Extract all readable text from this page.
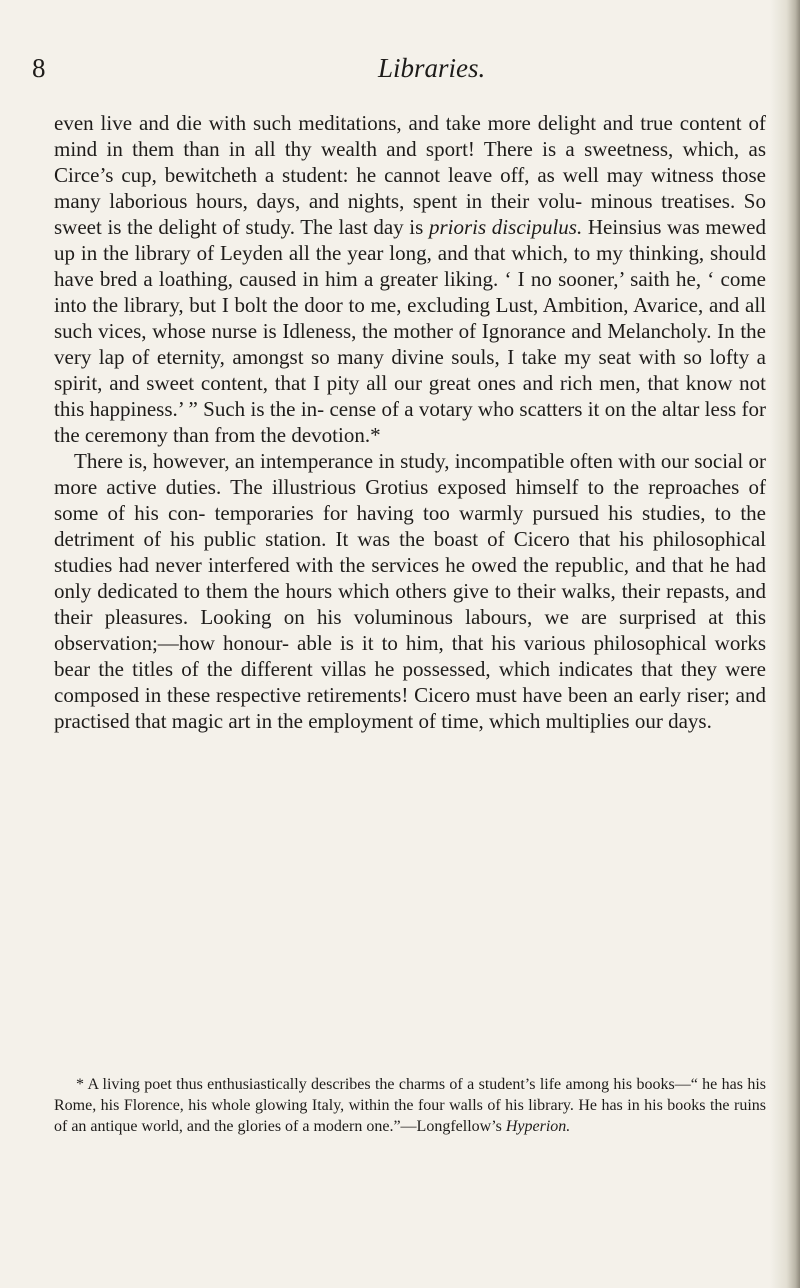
8	Libraries.

even live and die with such meditations, and take more delight and true content of mind in them than in all thy wealth and sport! There is a sweetness, which, as Circe’s cup, bewitcheth a student: he cannot leave off, as well may witness those many laborious hours, days, and nights, spent in their volu- minous treatises. So sweet is the delight of study. The last day is prioris discipulus. Heinsius was mewed up in the library of Leyden all the year long, and that which, to my thinking, should have bred a loathing, caused in him a greater liking. ‘ I no sooner,’ saith he, ‘ come into the library, but I bolt the door to me, excluding Lust, Ambition, Avarice, and all such vices, whose nurse is Idleness, the mother of Ignorance and Melancholy. In the very lap of eternity, amongst so many divine souls, I take my seat with so lofty a spirit, and sweet content, that I pity all our great ones and rich men, that know not this happiness.’ ” Such is the in- cense of a votary who scatters it on the altar less for the ceremony than from the devotion.*

There is, however, an intemperance in study, incompatible often with our social or more active duties. The illustrious Grotius exposed himself to the reproaches of some of his con- temporaries for having too warmly pursued his studies, to the detriment of his public station. It was the boast of Cicero that his philosophical studies had never interfered with the services he owed the republic, and that he had only dedicated to them the hours which others give to their walks, their repasts, and their pleasures. Looking on his voluminous labours, we are surprised at this observation;—how honour- able is it to him, that his various philosophical works bear the titles of the different villas he possessed, which indicates that they were composed in these respective retirements! Cicero must have been an early riser; and practised that magic art in the employment of time, which multiplies our days.

* A living poet thus enthusiastically describes the charms of a student’s life among his books—“ he has his Rome, his Florence, his whole glowing Italy, within the four walls of his library. He has in his books the ruins of an antique world, and the glories of a modern one.”—Longfellow’s Hyperion.
